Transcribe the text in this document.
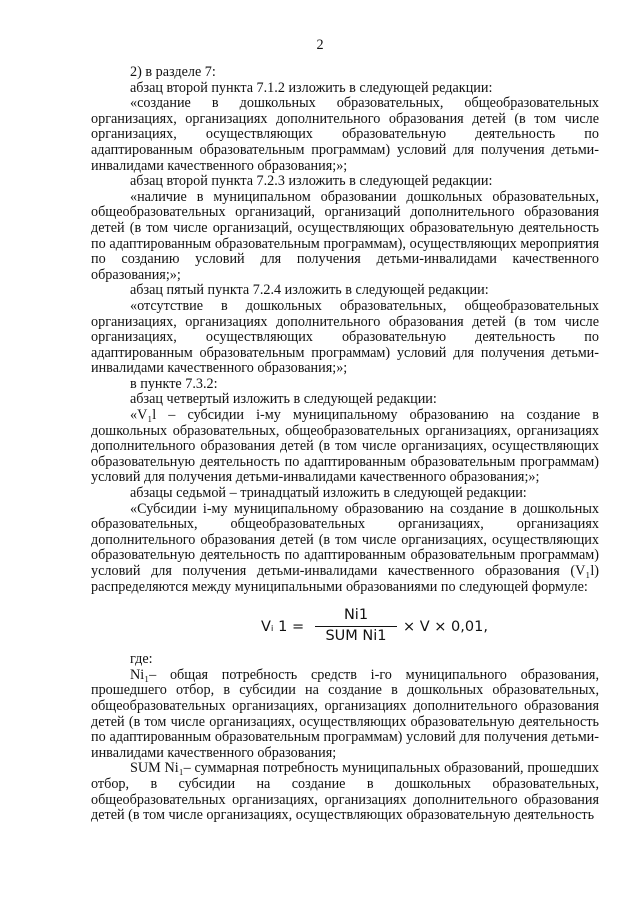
2

2) в разделе 7:

абзац второй пункта 7.1.2 изложить в следующей редакции:

«создание в дошкольных образовательных, общеобразовательных организациях, организациях дополнительного образования детей (в том числе организациях, осуществляющих образовательную деятельность по адаптированным образовательным программам) условий для получения детьми-инвалидами качественного образования;»;

абзац второй пункта 7.2.3 изложить в следующей редакции:

«наличие в муниципальном образовании дошкольных образовательных, общеобразовательных организаций, организаций дополнительного образования детей (в том числе организаций, осуществляющих образовательную деятельность по адаптированным образовательным программам), осуществляющих мероприятия по созданию условий для получения детьми-инвалидами качественного образования;»;

абзац пятый пункта 7.2.4 изложить в следующей редакции:

«отсутствие в дошкольных образовательных, общеобразовательных организациях, организациях дополнительного образования детей (в том числе организациях, осуществляющих образовательную деятельность по адаптированным образовательным программам) условий для получения детьми-инвалидами качественного образования;»;

в пункте 7.3.2:

абзац четвертый изложить в следующей редакции:

«V₁l – субсидии i-му муниципальному образованию на создание в дошкольных образовательных, общеобразовательных организациях, организациях дополнительного образования детей (в том числе организациях, осуществляющих образовательную деятельность по адаптированным образовательным программам) условий для получения детьми-инвалидами качественного образования;»;

абзацы седьмой – тринадцатый изложить в следующей редакции:

«Субсидии i-му муниципальному образованию на создание в дошкольных образовательных, общеобразовательных организациях, организациях дополнительного образования детей (в том числе организациях, осуществляющих образовательную деятельность по адаптированным образовательным программам) условий для получения детьми-инвалидами качественного образования (V₁l) распределяются между муниципальными образованиями по следующей формуле:

Vᵢ 1 =
Ni1
SUM Ni1
× V × 0,01,

где:

Ni₁– общая потребность средств i-го муниципального образования, прошедшего отбор, в субсидии на создание в дошкольных образовательных, общеобразовательных организациях, организациях дополнительного образования детей (в том числе организациях, осуществляющих образовательную деятельность по адаптированным образовательным программам) условий для получения детьми-инвалидами качественного образования;

SUM Ni₁– суммарная потребность муниципальных образований, прошедших отбор, в субсидии на создание в дошкольных образовательных, общеобразовательных организациях, организациях дополнительного образования детей (в том числе организациях, осуществляющих образовательную деятельность
